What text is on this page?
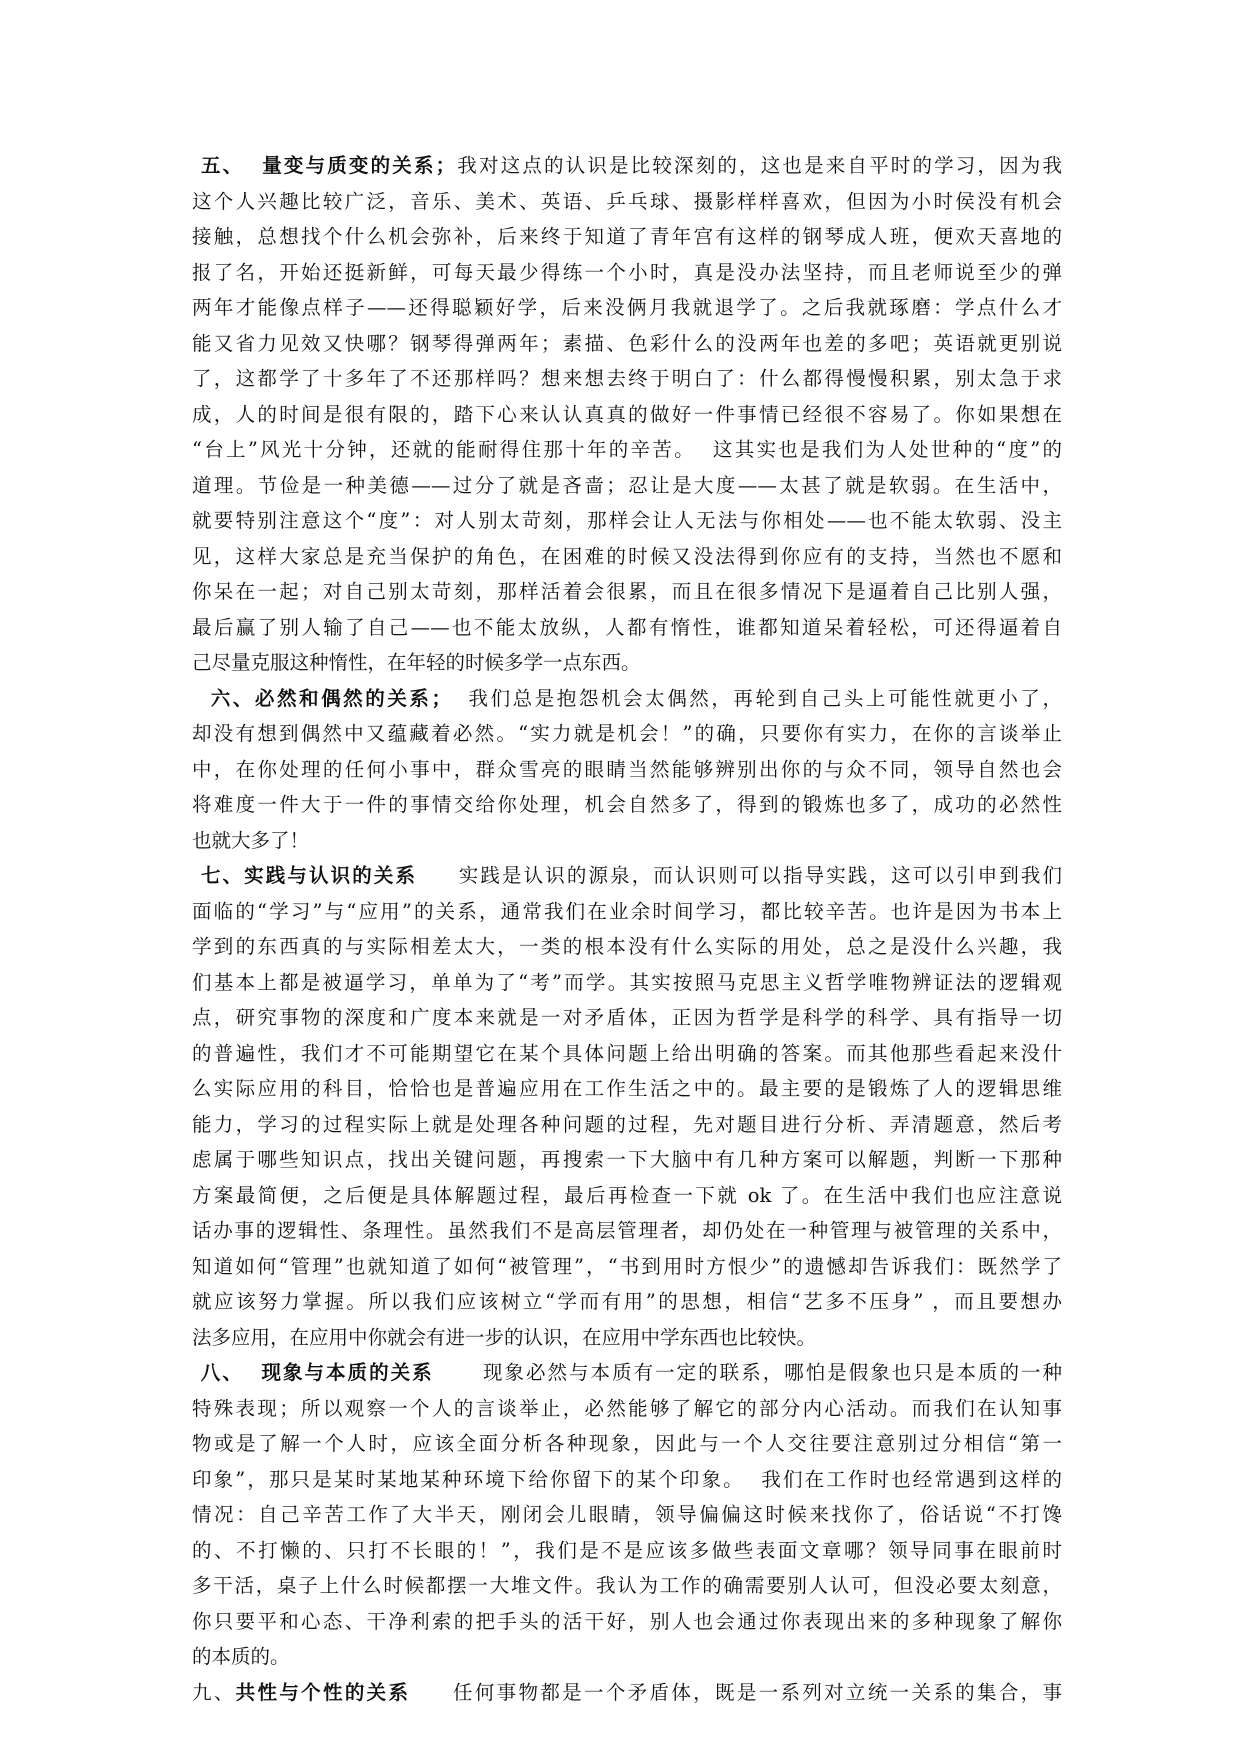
五、  量变与质变的关系；我对这点的认识是比较深刻的，这也是来自平时的学习，因为我
这个人兴趣比较广泛，音乐、美术、英语、乒乓球、摄影样样喜欢，但因为小时侯没有机会
接触，总想找个什么机会弥补，后来终于知道了青年宫有这样的钢琴成人班，便欢天喜地的
报了名，开始还挺新鲜，可每天最少得练一个小时，真是没办法坚持，而且老师说至少的弹
两年才能像点样子——还得聪颖好学，后来没俩月我就退学了。之后我就琢磨：学点什么才
能又省力见效又快哪？钢琴得弹两年；素描、色彩什么的没两年也差的多吧；英语就更别说
了，这都学了十多年了不还那样吗？想来想去终于明白了：什么都得慢慢积累，别太急于求
成，人的时间是很有限的，踏下心来认认真真的做好一件事情已经很不容易了。你如果想在
“台上”风光十分钟，还就的能耐得住那十年的辛苦。  这其实也是我们为人处世种的“度”的
道理。节俭是一种美德——过分了就是吝啬；忍让是大度——太甚了就是软弱。在生活中，
就要特别注意这个“度”：对人别太苛刻，那样会让人无法与你相处——也不能太软弱、没主
见，这样大家总是充当保护的角色，在困难的时候又没法得到你应有的支持，当然也不愿和
你呆在一起；对自己别太苛刻，那样活着会很累，而且在很多情况下是逼着自己比别人强，
最后赢了别人输了自己——也不能太放纵，人都有惰性，谁都知道呆着轻松，可还得逼着自
己尽量克服这种惰性，在年轻的时候多学一点东西。
六、必然和偶然的关系；  我们总是抱怨机会太偶然，再轮到自己头上可能性就更小了，
却没有想到偶然中又蕴藏着必然。“实力就是机会！”的确，只要你有实力，在你的言谈举止
中，在你处理的任何小事中，群众雪亮的眼睛当然能够辨别出你的与众不同，领导自然也会
将难度一件大于一件的事情交给你处理，机会自然多了，得到的锻炼也多了，成功的必然性
也就大多了！
七、实践与认识的关系     实践是认识的源泉，而认识则可以指导实践，这可以引申到我们
面临的“学习”与“应用”的关系，通常我们在业余时间学习，都比较辛苦。也许是因为书本上
学到的东西真的与实际相差太大，一类的根本没有什么实际的用处，总之是没什么兴趣，我
们基本上都是被逼学习，单单为了“考”而学。其实按照马克思主义哲学唯物辨证法的逻辑观
点，研究事物的深度和广度本来就是一对矛盾体，正因为哲学是科学的科学、具有指导一切
的普遍性，我们才不可能期望它在某个具体问题上给出明确的答案。而其他那些看起来没什
么实际应用的科目，恰恰也是普遍应用在工作生活之中的。最主要的是锻炼了人的逻辑思维
能力，学习的过程实际上就是处理各种问题的过程，先对题目进行分析、弄清题意，然后考
虑属于哪些知识点，找出关键问题，再搜索一下大脑中有几种方案可以解题，判断一下那种
方案最简便，之后便是具体解题过程，最后再检查一下就 ok 了。在生活中我们也应注意说
话办事的逻辑性、条理性。虽然我们不是高层管理者，却仍处在一种管理与被管理的关系中，
知道如何“管理”也就知道了如何“被管理”，“书到用时方恨少”的遗憾却告诉我们：既然学了
就应该努力掌握。所以我们应该树立“学而有用”的思想，相信“艺多不压身” ，而且要想办
法多应用，在应用中你就会有进一步的认识，在应用中学东西也比较快。
八、  现象与本质的关系      现象必然与本质有一定的联系，哪怕是假象也只是本质的一种
特殊表现；所以观察一个人的言谈举止，必然能够了解它的部分内心活动。而我们在认知事
物或是了解一个人时，应该全面分析各种现象，因此与一个人交往要注意别过分相信“第一
印象”，那只是某时某地某种环境下给你留下的某个印象。  我们在工作时也经常遇到这样的
情况：自己辛苦工作了大半天，刚闭会儿眼睛，领导偏偏这时候来找你了，俗话说“不打馋
的、不打懒的、只打不长眼的！”，我们是不是应该多做些表面文章哪？领导同事在眼前时
多干活，桌子上什么时候都摆一大堆文件。我认为工作的确需要别人认可，但没必要太刻意，
你只要平和心态、干净利索的把手头的活干好，别人也会通过你表现出来的多种现象了解你
的本质的。
九、共性与个性的关系     任何事物都是一个矛盾体，既是一系列对立统一关系的集合，事
